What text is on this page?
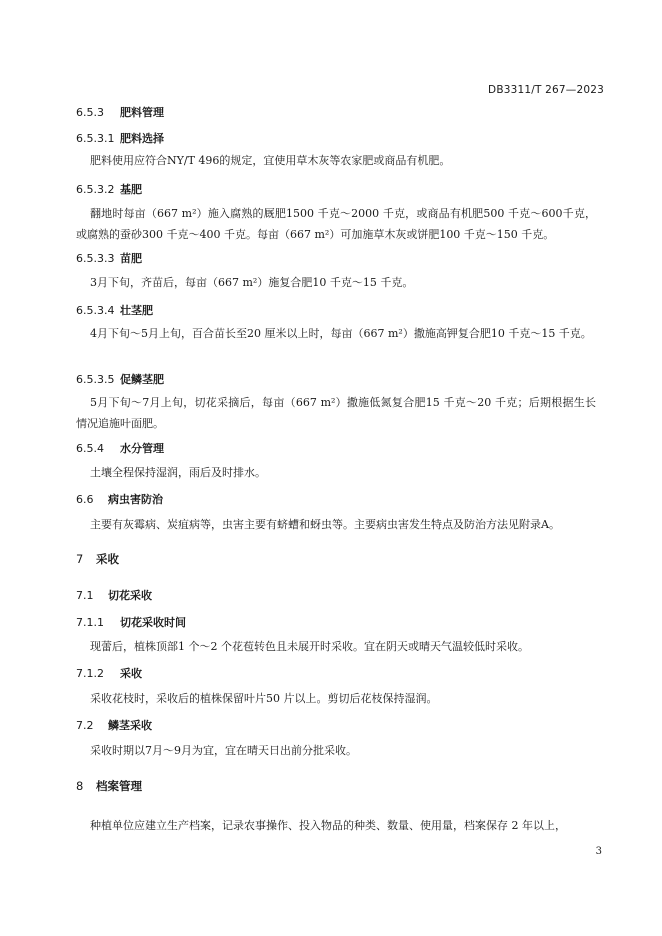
DB3311/T 267—2023
6.5.3 肥料管理
6.5.3.1 肥料选择
肥料使用应符合NY/T 496的规定，宜使用草木灰等农家肥或商品有机肥。
6.5.3.2 基肥
翻地时每亩（667 m²）施入腐熟的厩肥1500 千克～2000 千克，或商品有机肥500 千克～600千克，或腐熟的蚕砂300 千克～400 千克。每亩（667 m²）可加施草木灰或饼肥100 千克～150 千克。
6.5.3.3 苗肥
3月下旬，齐苗后，每亩（667 m²）施复合肥10 千克～15 千克。
6.5.3.4 壮茎肥
4月下旬～5月上旬，百合苗长至20 厘米以上时，每亩（667 m²）撒施高钾复合肥10 千克～15 千克。
6.5.3.5 促鳞茎肥
5月下旬～7月上旬，切花采摘后，每亩（667 m²）撒施低氮复合肥15 千克～20 千克；后期根据生长情况追施叶面肥。
6.5.4 水分管理
土壤全程保持湿润，雨后及时排水。
6.6 病虫害防治
主要有灰霉病、炭疽病等，虫害主要有蛴螬和蚜虫等。主要病虫害发生特点及防治方法见附录A。
7 采收
7.1 切花采收
7.1.1 切花采收时间
现蕾后，植株顶部1 个～2 个花苞转色且未展开时采收。宜在阴天或晴天气温较低时采收。
7.1.2 采收
采收花枝时，采收后的植株保留叶片50 片以上。剪切后花枝保持湿润。
7.2 鳞茎采收
采收时期以7月～9月为宜，宜在晴天日出前分批采收。
8 档案管理
种植单位应建立生产档案，记录农事操作、投入物品的种类、数量、使用量，档案保存 2 年以上，
3
